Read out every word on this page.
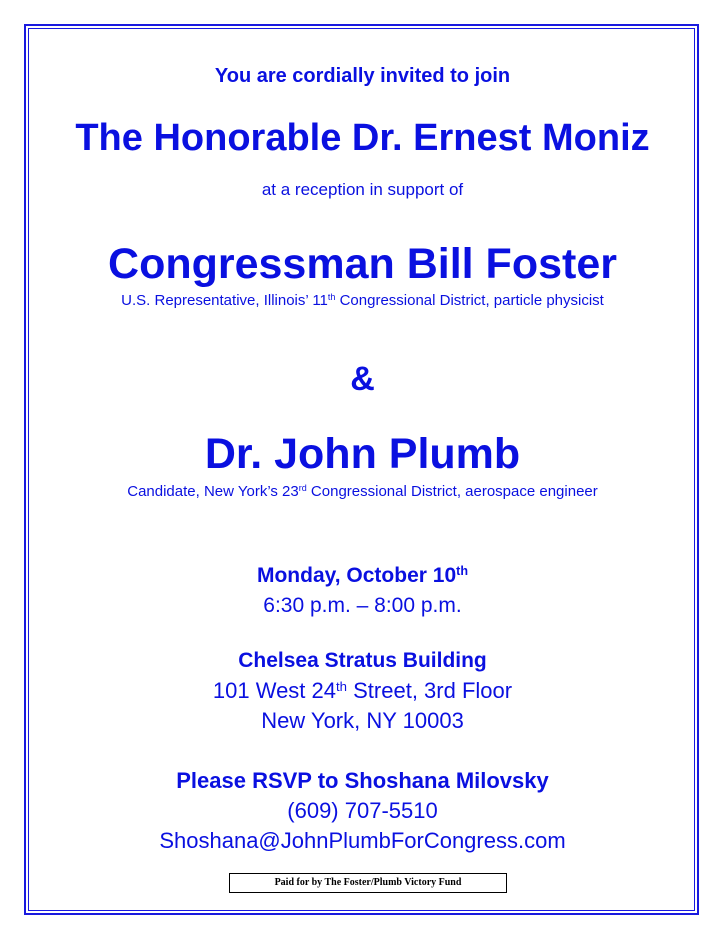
You are cordially invited to join
The Honorable Dr. Ernest Moniz
at a reception in support of
Congressman Bill Foster
U.S. Representative, Illinois’ 11th Congressional District, particle physicist
&
Dr. John Plumb
Candidate, New York’s 23rd Congressional District, aerospace engineer
Monday, October 10th
6:30 p.m. – 8:00 p.m.
Chelsea Stratus Building
101 West 24th Street, 3rd Floor
New York, NY 10003
Please RSVP to Shoshana Milovsky
(609) 707-5510
Shoshana@JohnPlumbForCongress.com
Paid for by The Foster/Plumb Victory Fund
